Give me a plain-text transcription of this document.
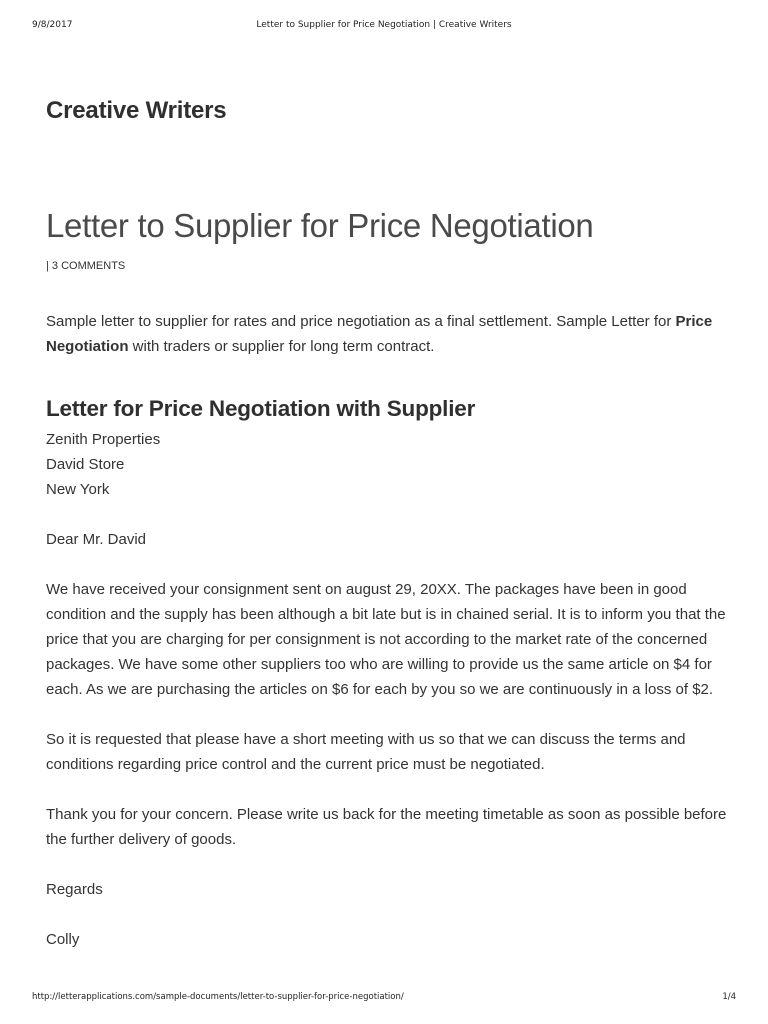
9/8/2017	Letter to Supplier for Price Negotiation | Creative Writers
Creative Writers
Letter to Supplier for Price Negotiation
| 3 COMMENTS

Sample letter to supplier for rates and price negotiation as a final settlement. Sample Letter for Price Negotiation with traders or supplier for long term contract.

Letter for Price Negotiation with Supplier
Zenith Properties
David Store
New York

Dear Mr. David

We have received your consignment sent on august 29, 20XX. The packages have been in good condition and the supply has been although a bit late but is in chained serial. It is to inform you that the price that you are charging for per consignment is not according to the market rate of the concerned packages. We have some other suppliers too who are willing to provide us the same article on $4 for each. As we are purchasing the articles on $6 for each by you so we are continuously in a loss of $2.

So it is requested that please have a short meeting with us so that we can discuss the terms and conditions regarding price control and the current price must be negotiated.

Thank you for your concern. Please write us back for the meeting timetable as soon as possible before the further delivery of goods.

Regards

Colly

http://letterapplications.com/sample-documents/letter-to-supplier-for-price-negotiation/	1/4
